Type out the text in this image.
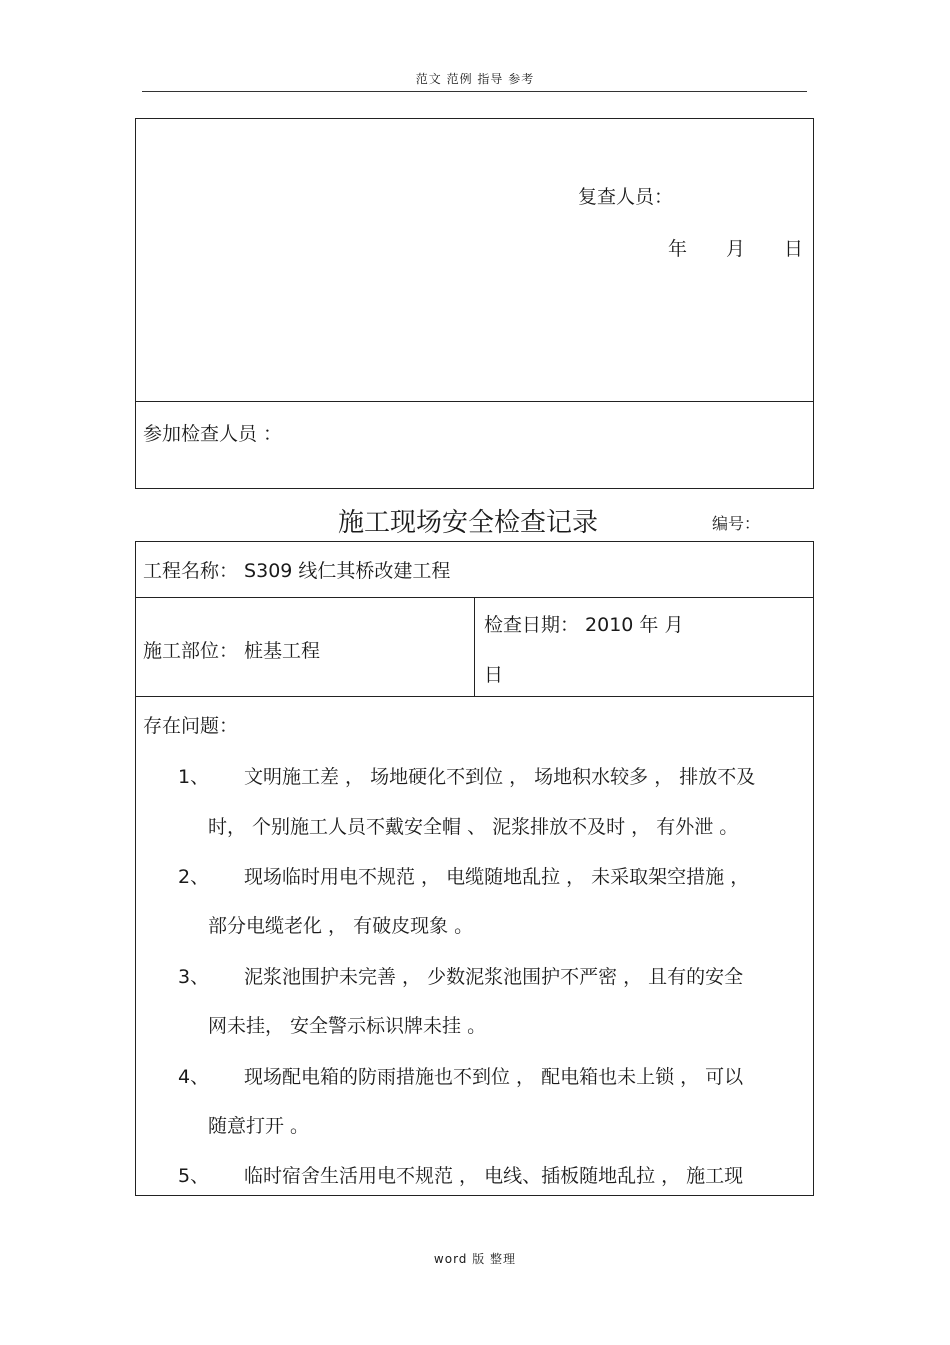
范文 范例 指导 参考
复查人员：
年 月 日
参加检查人员 ：
施工现场安全检查记录	编号：
工程名称： S309 线仁其桥改建工程
施工部位： 桩基工程
检查日期： 2010 年 月
日
存在问题：
1、 文明施工差 ， 场地硬化不到位 ， 场地积水较多 ， 排放不及
时， 个别施工人员不戴安全帽 、 泥浆排放不及时 ， 有外泄 。
2、 现场临时用电不规范 ， 电缆随地乱拉 ， 未采取架空措施 ，
部分电缆老化 ， 有破皮现象 。
3、 泥浆池围护未完善 ， 少数泥浆池围护不严密 ， 且有的安全
网未挂， 安全警示标识牌未挂 。
4、 现场配电箱的防雨措施也不到位 ， 配电箱也未上锁 ， 可以
随意打开 。
5、 临时宿舍生活用电不规范 ， 电线、插板随地乱拉 ， 施工现
word 版 整理
